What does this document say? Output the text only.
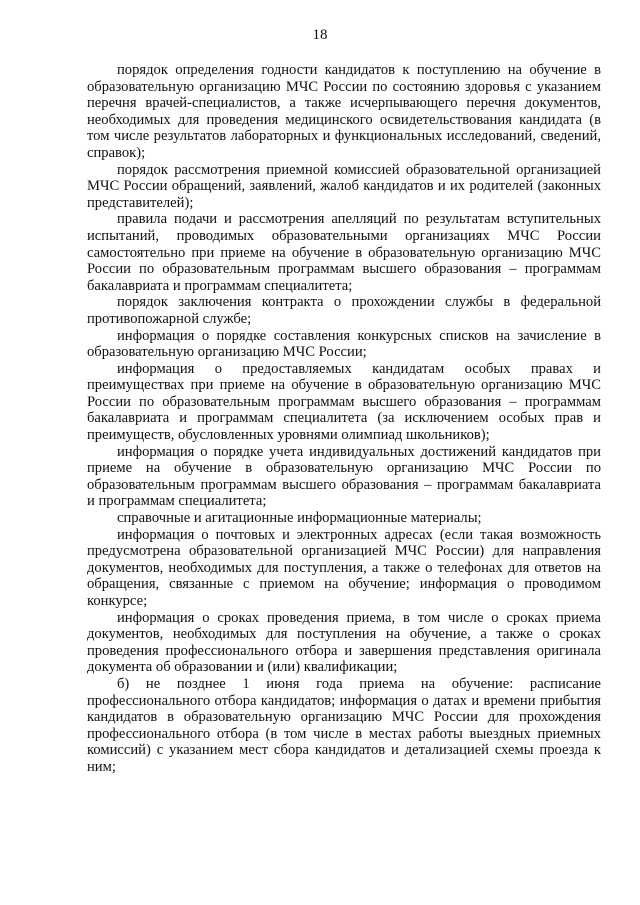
18

порядок определения годности кандидатов к поступлению на обучение в образовательную организацию МЧС России по состоянию здоровья с указанием перечня врачей-специалистов, а также исчерпывающего перечня документов, необходимых для проведения медицинского освидетельствования кандидата (в том числе результатов лабораторных и функциональных исследований, сведений, справок);

порядок рассмотрения приемной комиссией образовательной организацией МЧС России обращений, заявлений, жалоб кандидатов и их родителей (законных представителей);

правила подачи и рассмотрения апелляций по результатам вступительных испытаний, проводимых образовательными организациях МЧС России самостоятельно при приеме на обучение в образовательную организацию МЧС России по образовательным программам высшего образования – программам бакалавриата и программам специалитета;

порядок заключения контракта о прохождении службы в федеральной противопожарной службе;

информация о порядке составления конкурсных списков на зачисление в образовательную организацию МЧС России;

информация о предоставляемых кандидатам особых правах и преимуществах при приеме на обучение в образовательную организацию МЧС России по образовательным программам высшего образования – программам бакалавриата и программам специалитета (за исключением особых прав и преимуществ, обусловленных уровнями олимпиад школьников);

информация о порядке учета индивидуальных достижений кандидатов при приеме на обучение в образовательную организацию МЧС России по образовательным программам высшего образования – программам бакалавриата и программам специалитета;

справочные и агитационные информационные материалы;

информация о почтовых и электронных адресах (если такая возможность предусмотрена образовательной организацией МЧС России) для направления документов, необходимых для поступления, а также о телефонах для ответов на обращения, связанные с приемом на обучение; информация о проводимом конкурсе;

информация о сроках проведения приема, в том числе о сроках приема документов, необходимых для поступления на обучение, а также о сроках проведения профессионального отбора и завершения представления оригинала документа об образовании и (или) квалификации;

б) не позднее 1 июня года приема на обучение: расписание профессионального отбора кандидатов; информация о датах и времени прибытия кандидатов в образовательную организацию МЧС России для прохождения профессионального отбора (в том числе в местах работы выездных приемных комиссий) с указанием мест сбора кандидатов и детализацией схемы проезда к ним;
